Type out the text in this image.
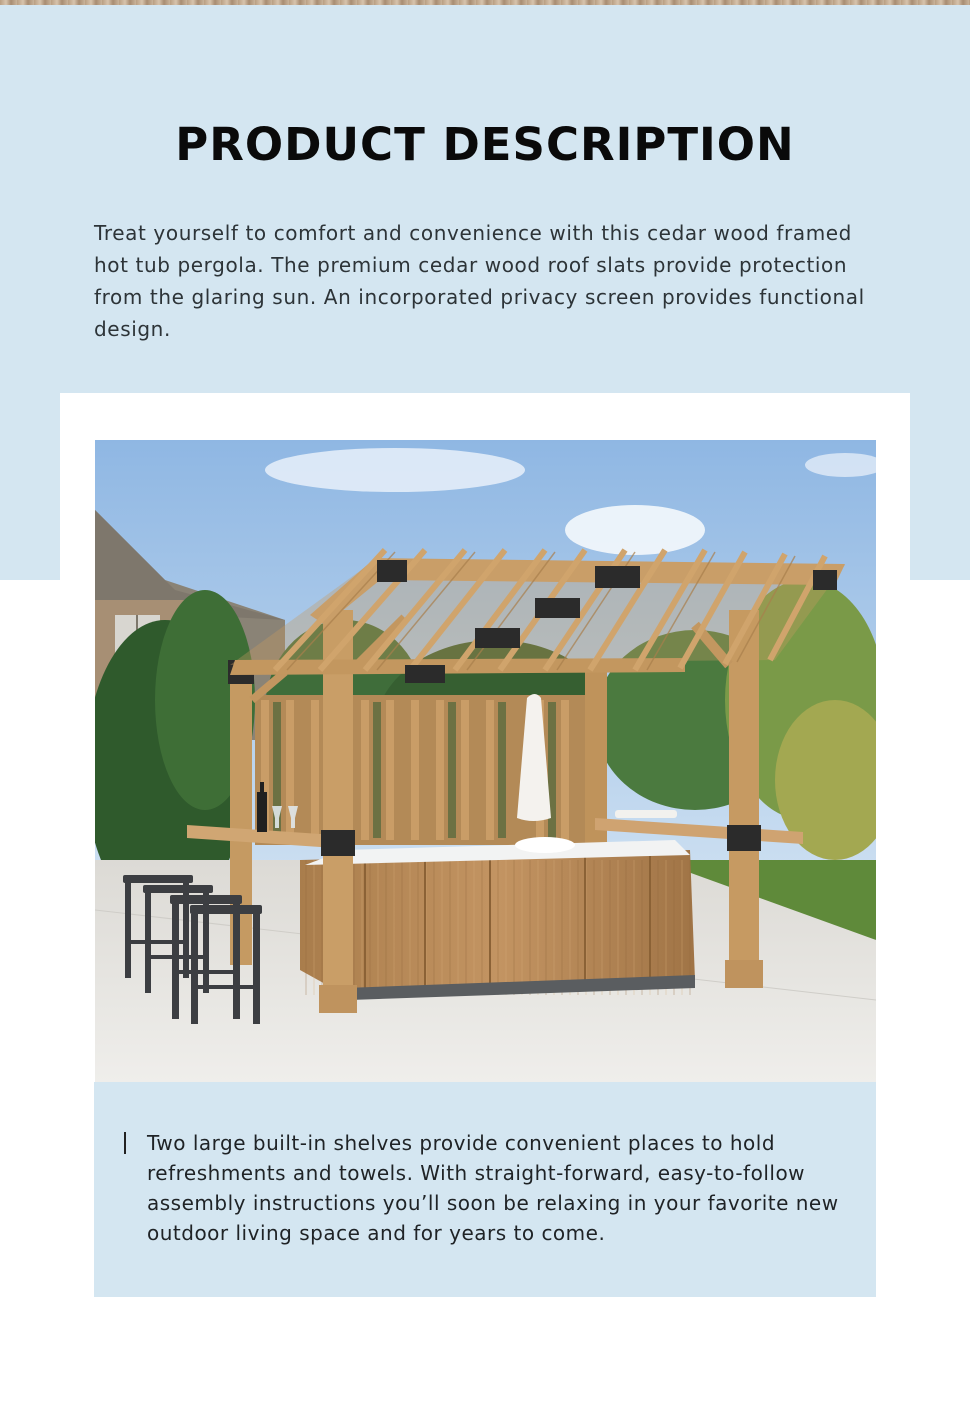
PRODUCT DESCRIPTION

Treat yourself to comfort and convenience with this cedar wood framed hot tub pergola. The premium cedar wood roof slats provide protection from the glaring sun. An incorporated privacy screen provides functional design.

Two large built-in shelves provide convenient places to hold refreshments and towels. With straight-forward, easy-to-follow assembly instructions you’ll soon be relaxing in your favorite new outdoor living space and for years to come.
